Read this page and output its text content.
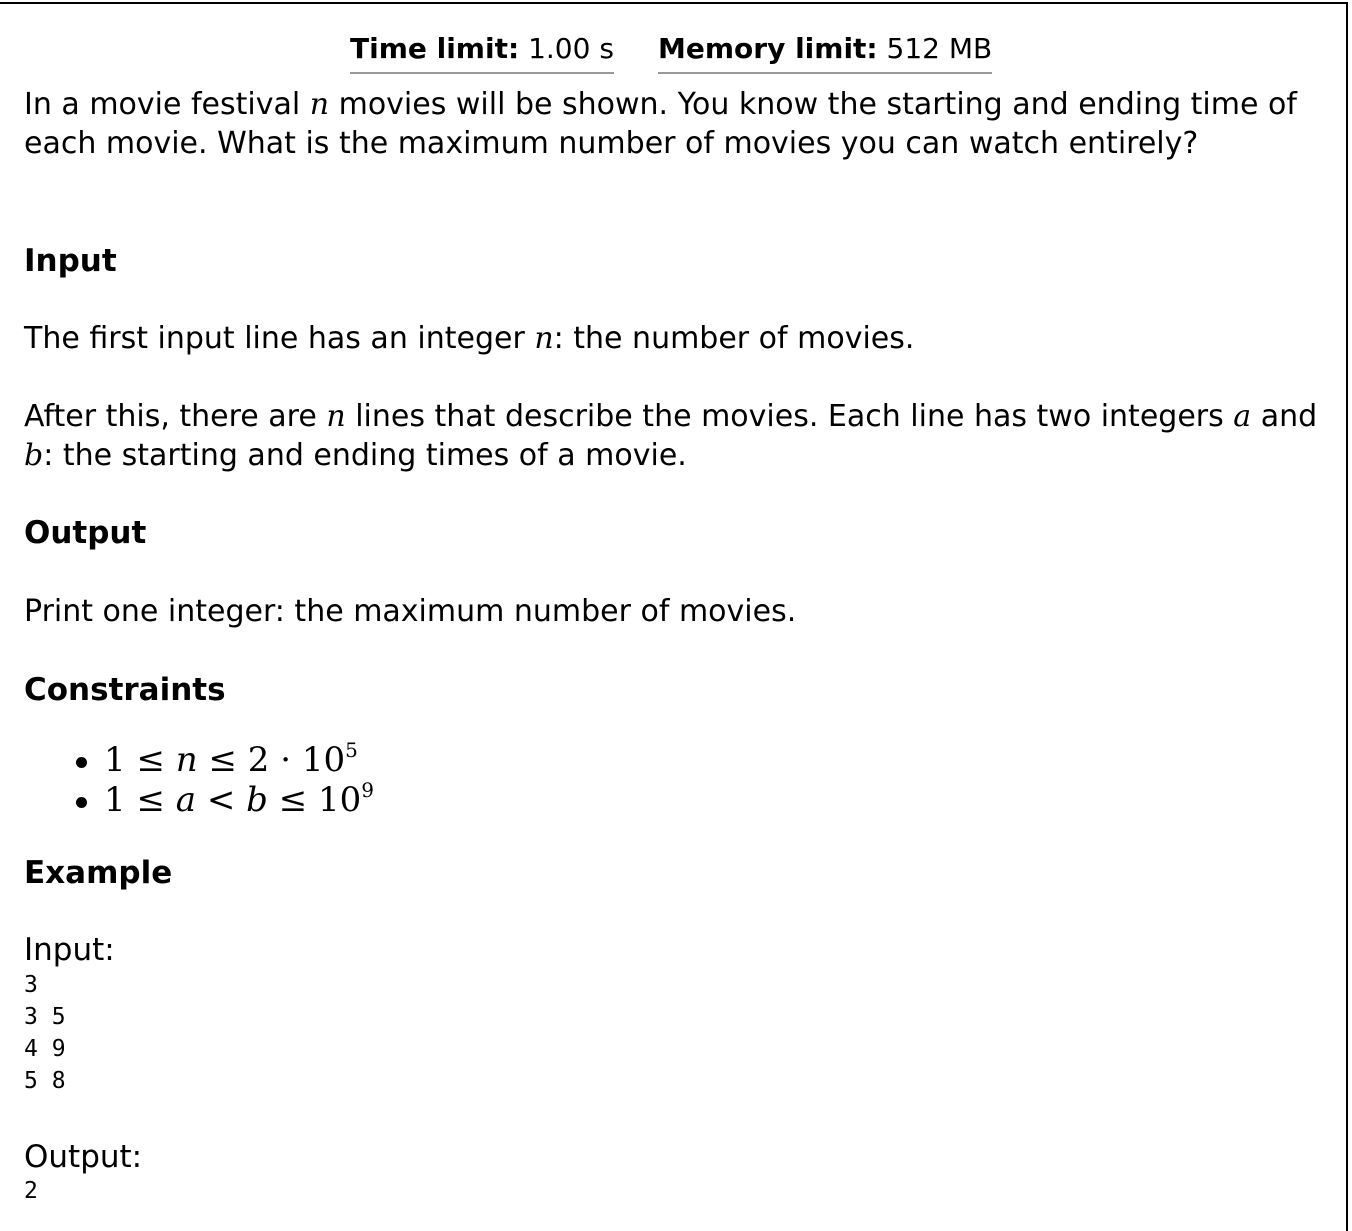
Time limit: 1.00 s Memory limit: 512 MB

In a movie festival n movies will be shown. You know the starting and ending time of each movie. What is the maximum number of movies you can watch entirely?

Input

The first input line has an integer n: the number of movies.

After this, there are n lines that describe the movies. Each line has two integers a and b: the starting and ending times of a movie.

Output

Print one integer: the maximum number of movies.

Constraints
$1 \le n \le 2 \cdot 10^5$
$1 \le a < b \le 10^9$
Example
Input:
3
3 5
4 9
5 8
Output:
2
